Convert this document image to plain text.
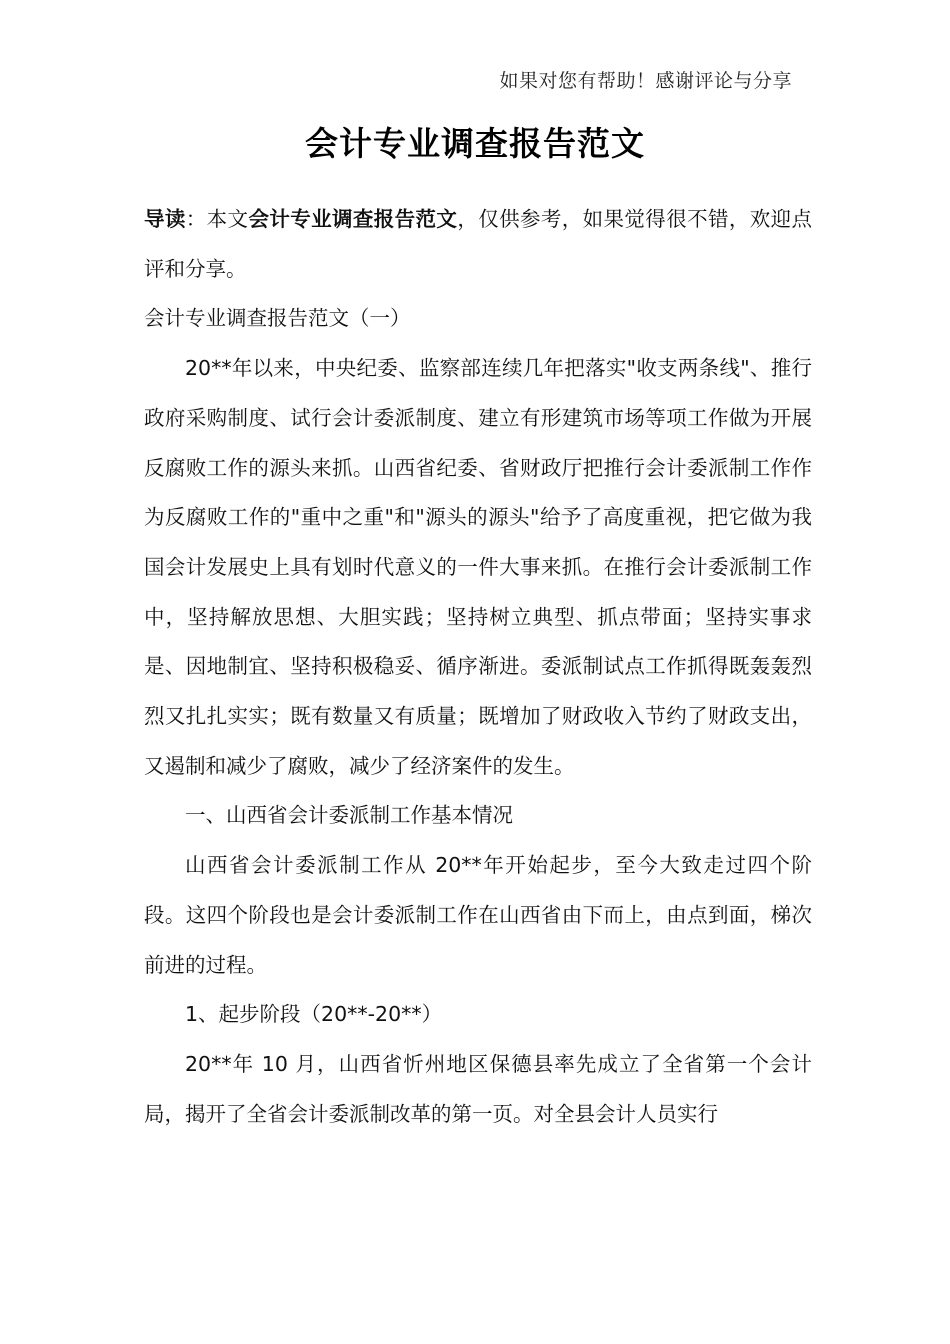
如果对您有帮助！感谢评论与分享
会计专业调查报告范文

导读：本文会计专业调查报告范文，仅供参考，如果觉得很不错，欢迎点评和分享。

会计专业调查报告范文（一）

20**年以来，中央纪委、监察部连续几年把落实"收支两条线"、推行政府采购制度、试行会计委派制度、建立有形建筑市场等项工作做为开展反腐败工作的源头来抓。山西省纪委、省财政厅把推行会计委派制工作作为反腐败工作的"重中之重"和"源头的源头"给予了高度重视，把它做为我国会计发展史上具有划时代意义的一件大事来抓。在推行会计委派制工作中，坚持解放思想、大胆实践；坚持树立典型、抓点带面；坚持实事求是、因地制宜、坚持积极稳妥、循序渐进。委派制试点工作抓得既轰轰烈烈又扎扎实实；既有数量又有质量；既增加了财政收入节约了财政支出，又遏制和减少了腐败，减少了经济案件的发生。

一、山西省会计委派制工作基本情况

山西省会计委派制工作从 20**年开始起步，至今大致走过四个阶段。这四个阶段也是会计委派制工作在山西省由下而上，由点到面，梯次前进的过程。

1、起步阶段（20**-20**）

20**年 10 月，山西省忻州地区保德县率先成立了全省第一个会计局，揭开了全省会计委派制改革的第一页。对全县会计人员实行
